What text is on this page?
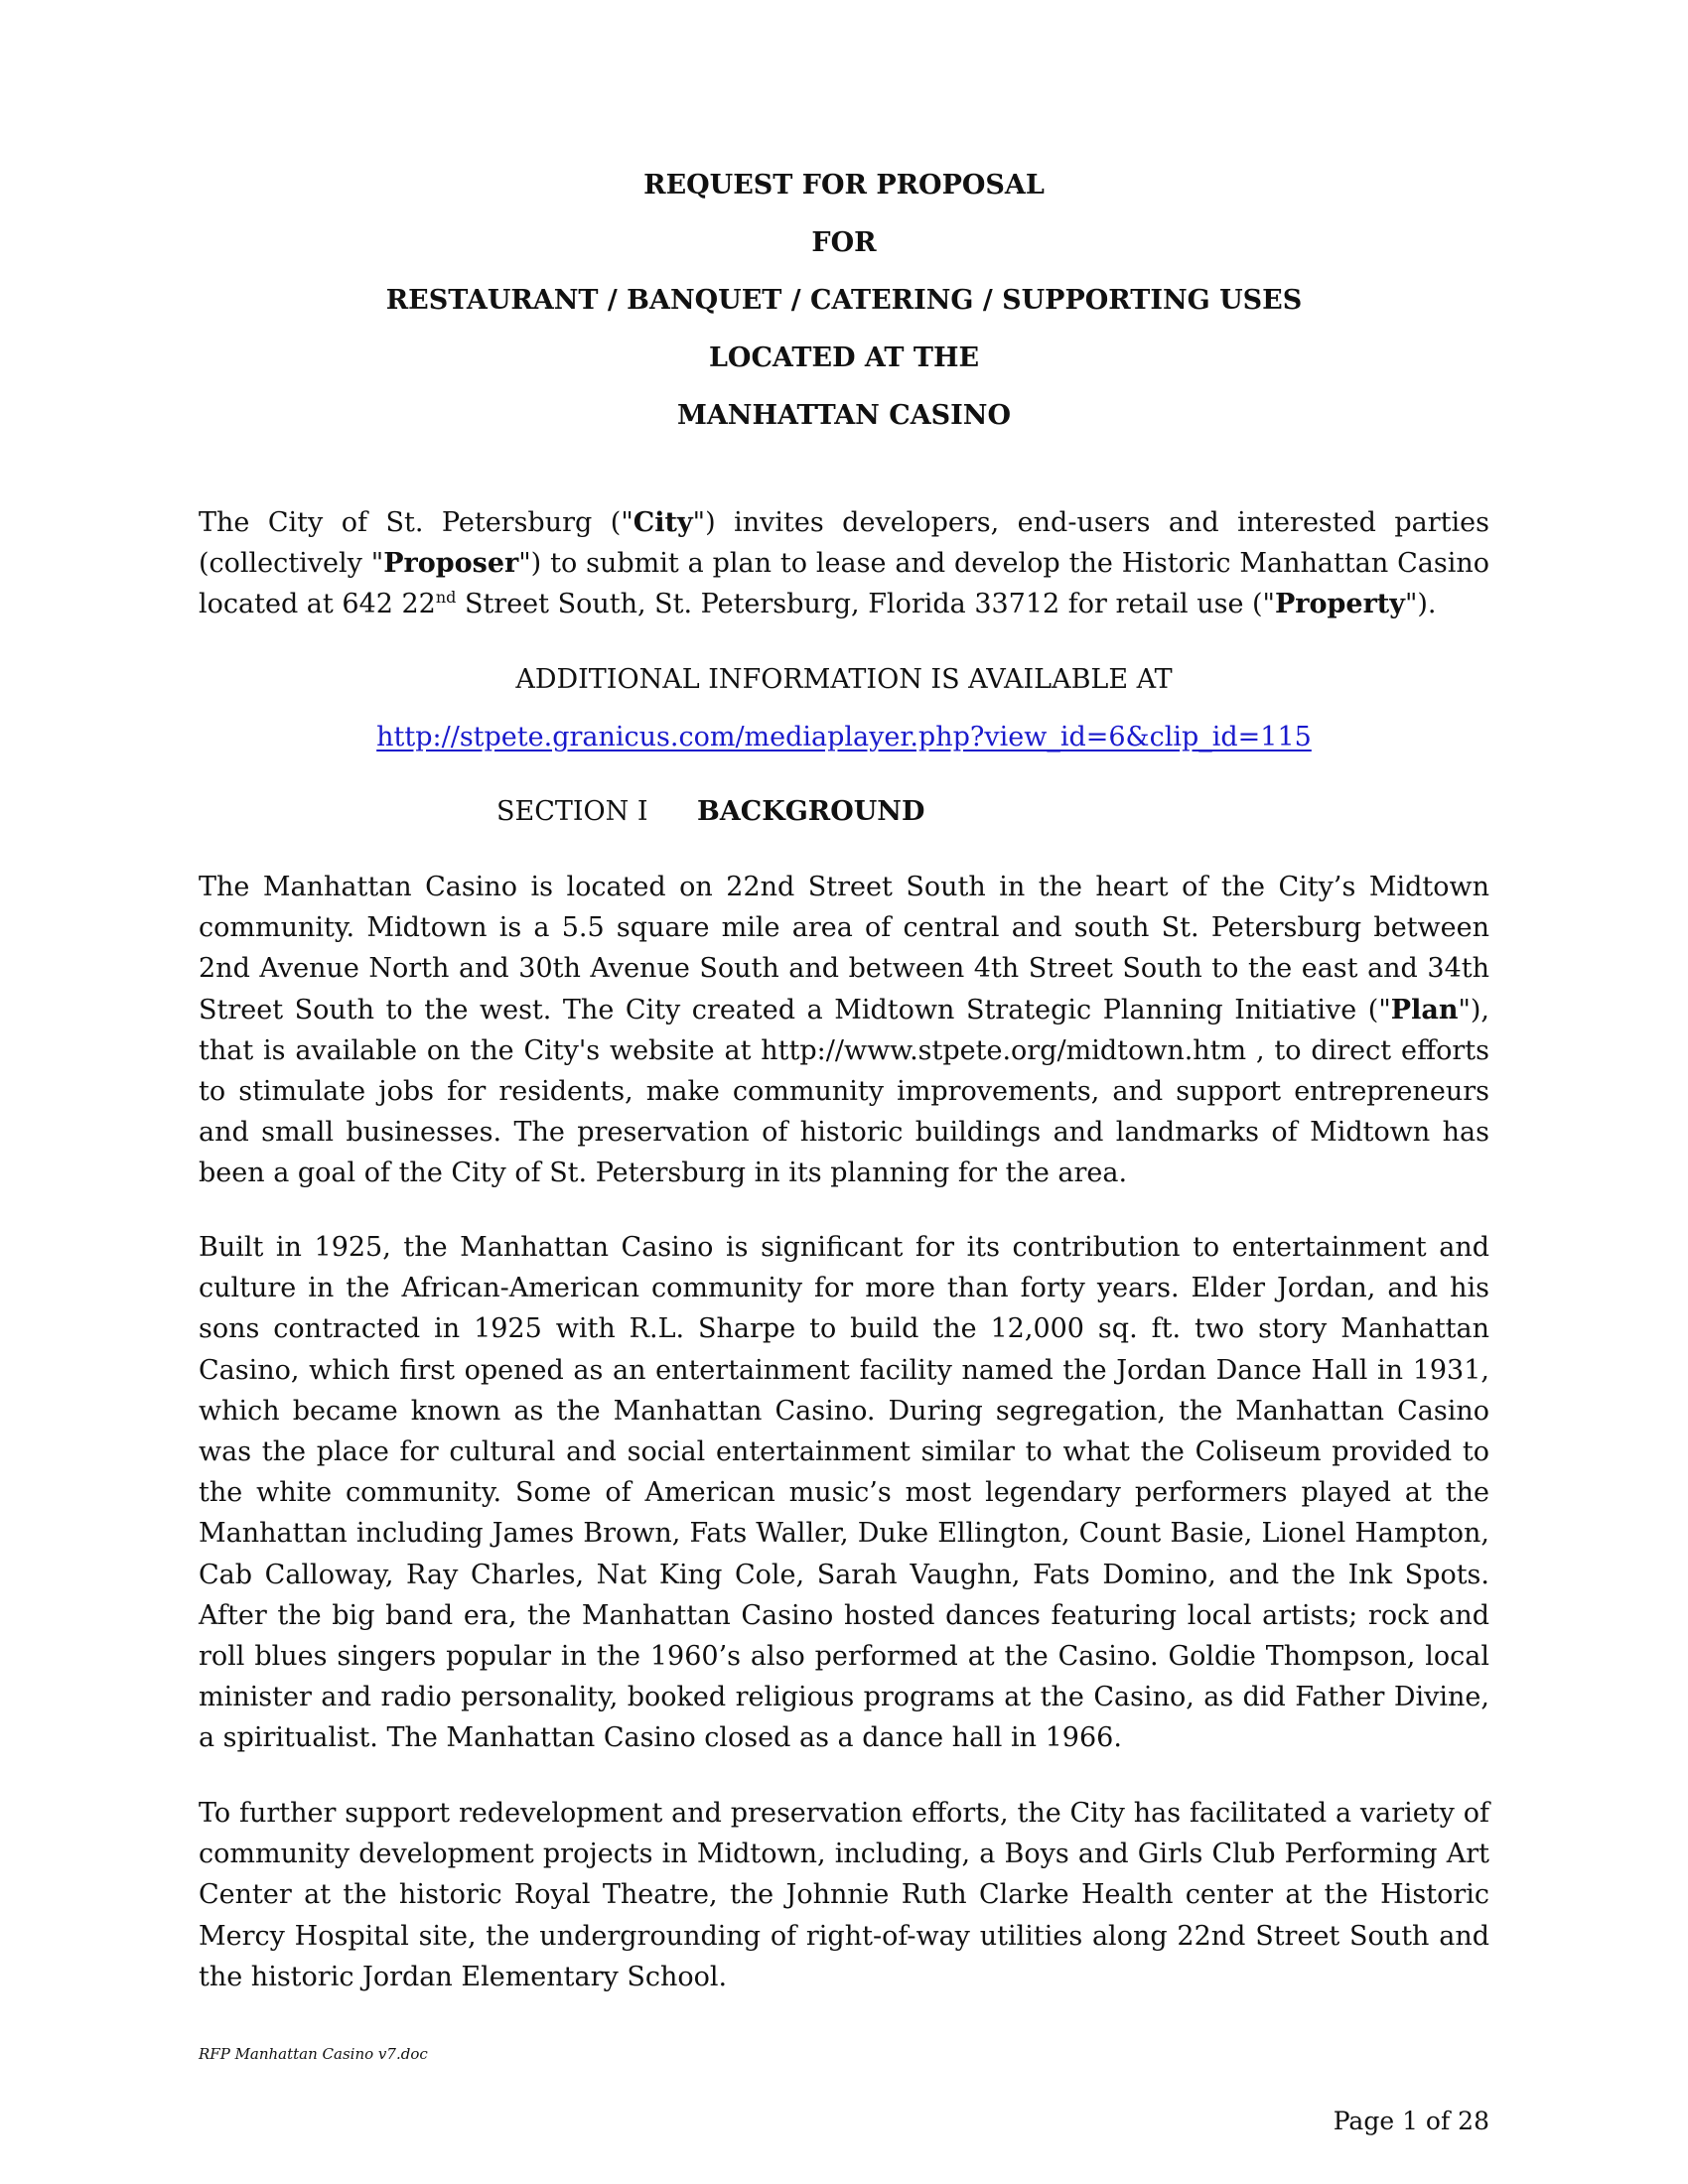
REQUEST FOR PROPOSAL
FOR
RESTAURANT / BANQUET / CATERING / SUPPORTING USES
LOCATED AT THE
MANHATTAN CASINO

The City of St. Petersburg ("City") invites developers, end-users and interested parties (collectively "Proposer") to submit a plan to lease and develop the Historic Manhattan Casino located at 642 22nd Street South, St. Petersburg, Florida 33712 for retail use ("Property").

ADDITIONAL INFORMATION IS AVAILABLE AT
http://stpete.granicus.com/mediaplayer.php?view_id=6&clip_id=115
SECTION I BACKGROUND

The Manhattan Casino is located on 22nd Street South in the heart of the City’s Midtown community. Midtown is a 5.5 square mile area of central and south St. Petersburg between 2nd Avenue North and 30th Avenue South and between 4th Street South to the east and 34th Street South to the west. The City created a Midtown Strategic Planning Initiative ("Plan"), that is available on the City's website at http://www.stpete.org/midtown.htm , to direct efforts to stimulate jobs for residents, make community improvements, and support entrepreneurs and small businesses. The preservation of historic buildings and landmarks of Midtown has been a goal of the City of St. Petersburg in its planning for the area.

Built in 1925, the Manhattan Casino is significant for its contribution to entertainment and culture in the African-American community for more than forty years. Elder Jordan, and his sons contracted in 1925 with R.L. Sharpe to build the 12,000 sq. ft. two story Manhattan Casino, which first opened as an entertainment facility named the Jordan Dance Hall in 1931, which became known as the Manhattan Casino. During segregation, the Manhattan Casino was the place for cultural and social entertainment similar to what the Coliseum provided to the white community. Some of American music’s most legendary performers played at the Manhattan including James Brown, Fats Waller, Duke Ellington, Count Basie, Lionel Hampton, Cab Calloway, Ray Charles, Nat King Cole, Sarah Vaughn, Fats Domino, and the Ink Spots. After the big band era, the Manhattan Casino hosted dances featuring local artists; rock and roll blues singers popular in the 1960’s also performed at the Casino. Goldie Thompson, local minister and radio personality, booked religious programs at the Casino, as did Father Divine, a spiritualist. The Manhattan Casino closed as a dance hall in 1966.

To further support redevelopment and preservation efforts, the City has facilitated a variety of community development projects in Midtown, including, a Boys and Girls Club Performing Art Center at the historic Royal Theatre, the Johnnie Ruth Clarke Health center at the Historic Mercy Hospital site, the undergrounding of right-of-way utilities along 22nd Street South and the historic Jordan Elementary School.

RFP Manhattan Casino v7.doc
Page 1 of 28
